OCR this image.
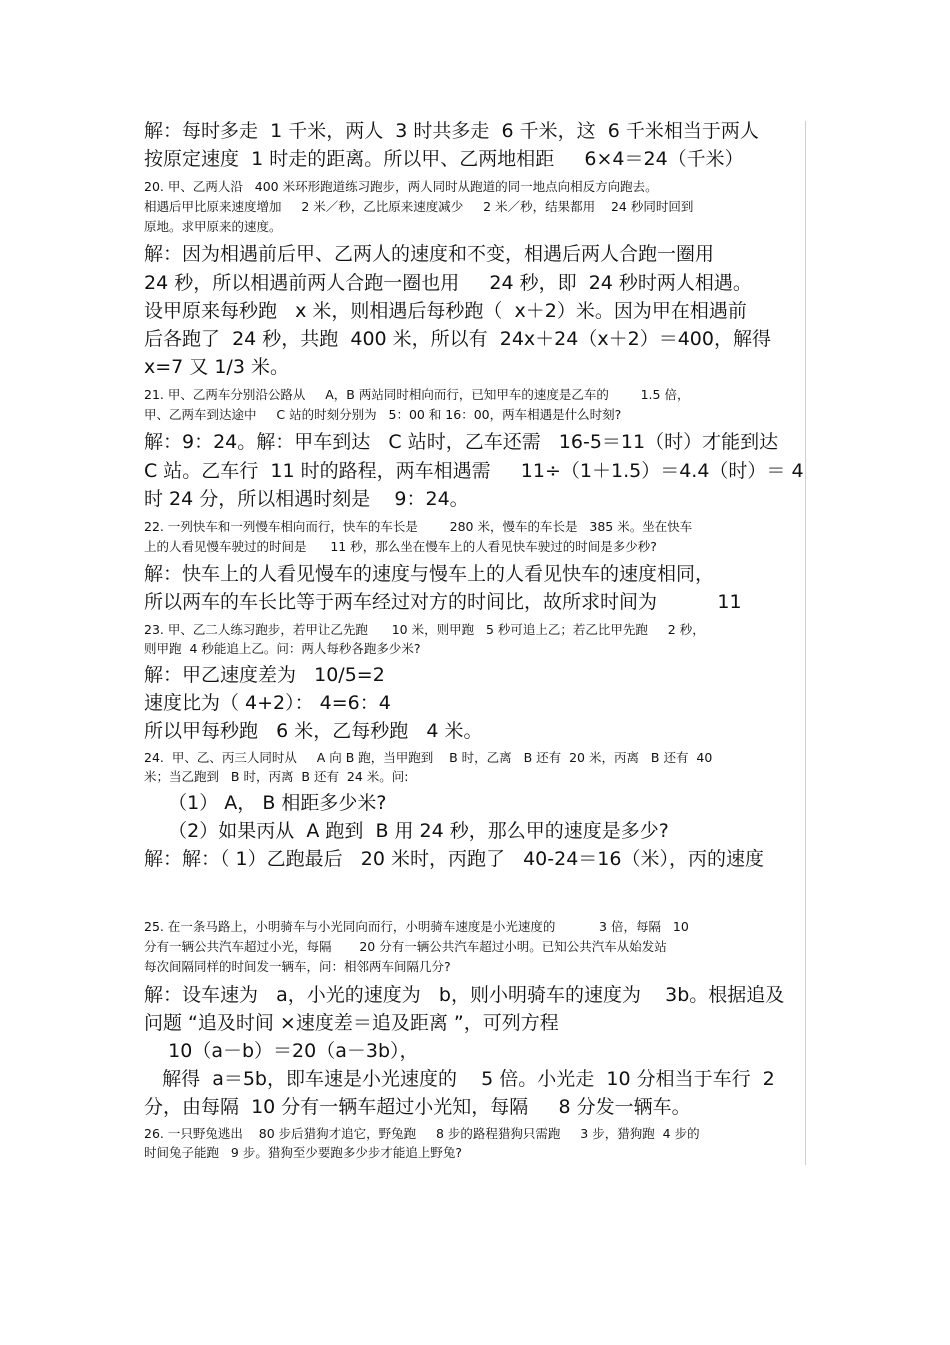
解：每时多走  1 千米，两人  3 时共多走  6 千米，这  6 千米相当于两人
按原定速度  1 时走的距离。所以甲、乙两地相距     6×4＝24（千米）
20. 甲、乙两人沿   400 米环形跑道练习跑步，两人同时从跑道的同一地点向相反方向跑去。
相遇后甲比原来速度增加     2 米／秒，乙比原来速度减少     2 米／秒，结果都用    24 秒同时回到
原地。求甲原来的速度。
解：因为相遇前后甲、乙两人的速度和不变，相遇后两人合跑一圈用
24 秒，所以相遇前两人合跑一圈也用     24 秒，即  24 秒时两人相遇。
设甲原来每秒跑   x 米，则相遇后每秒跑（  x＋2）米。因为甲在相遇前
后各跑了  24 秒，共跑  400 米，所以有  24x＋24（x＋2）＝400，解得
x=7 又 1/3 米。
21. 甲、乙两车分别沿公路从     A，B 两站同时相向而行，已知甲车的速度是乙车的        1.5 倍，
甲、乙两车到达途中     C 站的时刻分别为   5：00 和 16：00，两车相遇是什么时刻?
解：9：24。解：甲车到达   C 站时，乙车还需   16-5＝11（时）才能到达
C 站。乙车行  11 时的路程，两车相遇需     11÷（1＋1.5）＝4.4（时）＝ 4
时 24 分，所以相遇时刻是    9：24。
22. 一列快车和一列慢车相向而行，快车的车长是        280 米，慢车的车长是   385 米。坐在快车
上的人看见慢车驶过的时间是      11 秒，那么坐在慢车上的人看见快车驶过的时间是多少秒?
解：快车上的人看见慢车的速度与慢车上的人看见快车的速度相同，
所以两车的车长比等于两车经过对方的时间比，故所求时间为          11
23. 甲、乙二人练习跑步，若甲让乙先跑      10 米，则甲跑   5 秒可追上乙；若乙比甲先跑     2 秒，
则甲跑  4 秒能追上乙。问：两人每秒各跑多少米?
解：甲乙速度差为   10/5=2
速度比为（ 4+2）： 4=6：4
所以甲每秒跑   6 米，乙每秒跑   4 米。
24.  甲、乙、丙三人同时从     A 向 B 跑，当甲跑到    B 时，乙离   B 还有  20 米，丙离   B 还有  40
米；当乙跑到   B 时，丙离  B 还有  24 米。问:
（1） A， B 相距多少米?
（2）如果丙从  A 跑到  B 用 24 秒，那么甲的速度是多少?
解：解：（ 1）乙跑最后   20 米时，丙跑了   40-24＝16（米），丙的速度
25. 在一条马路上，小明骑车与小光同向而行，小明骑车速度是小光速度的           3 倍，每隔   10
分有一辆公共汽车超过小光，每隔       20 分有一辆公共汽车超过小明。已知公共汽车从始发站
每次间隔同样的时间发一辆车，问：相邻两车间隔几分?
解：设车速为   a，小光的速度为   b，则小明骑车的速度为    3b。根据追及
问题 “追及时间 ×速度差＝追及距离 ”，可列方程
10（a－b）＝20（a－3b），
解得  a＝5b，即车速是小光速度的    5 倍。小光走  10 分相当于车行  2
分，由每隔  10 分有一辆车超过小光知，每隔     8 分发一辆车。
26. 一只野兔逃出    80 步后猎狗才追它，野兔跑     8 步的路程猎狗只需跑     3 步，猎狗跑  4 步的
时间兔子能跑   9 步。猎狗至少要跑多少步才能追上野兔?
